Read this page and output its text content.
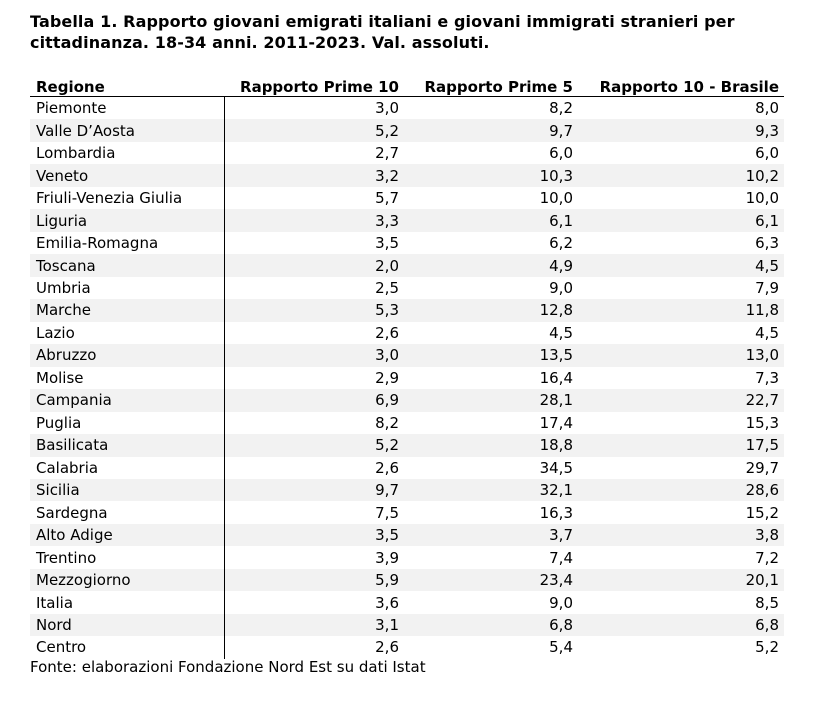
Tabella 1. Rapporto giovani emigrati italiani e giovani immigrati stranieri per cittadinanza. 18-34 anni. 2011-2023. Val. assoluti.
Regione	Rapporto Prime 10	Rapporto Prime 5	Rapporto 10 - Brasile
Piemonte	3,0	8,2	8,0
Valle D’Aosta	5,2	9,7	9,3
Lombardia	2,7	6,0	6,0
Veneto	3,2	10,3	10,2
Friuli-Venezia Giulia	5,7	10,0	10,0
Liguria	3,3	6,1	6,1
Emilia-Romagna	3,5	6,2	6,3
Toscana	2,0	4,9	4,5
Umbria	2,5	9,0	7,9
Marche	5,3	12,8	11,8
Lazio	2,6	4,5	4,5
Abruzzo	3,0	13,5	13,0
Molise	2,9	16,4	7,3
Campania	6,9	28,1	22,7
Puglia	8,2	17,4	15,3
Basilicata	5,2	18,8	17,5
Calabria	2,6	34,5	29,7
Sicilia	9,7	32,1	28,6
Sardegna	7,5	16,3	15,2
Alto Adige	3,5	3,7	3,8
Trentino	3,9	7,4	7,2
Mezzogiorno	5,9	23,4	20,1
Italia	3,6	9,0	8,5
Nord	3,1	6,8	6,8
Centro	2,6	5,4	5,2
Fonte: elaborazioni Fondazione Nord Est su dati Istat
